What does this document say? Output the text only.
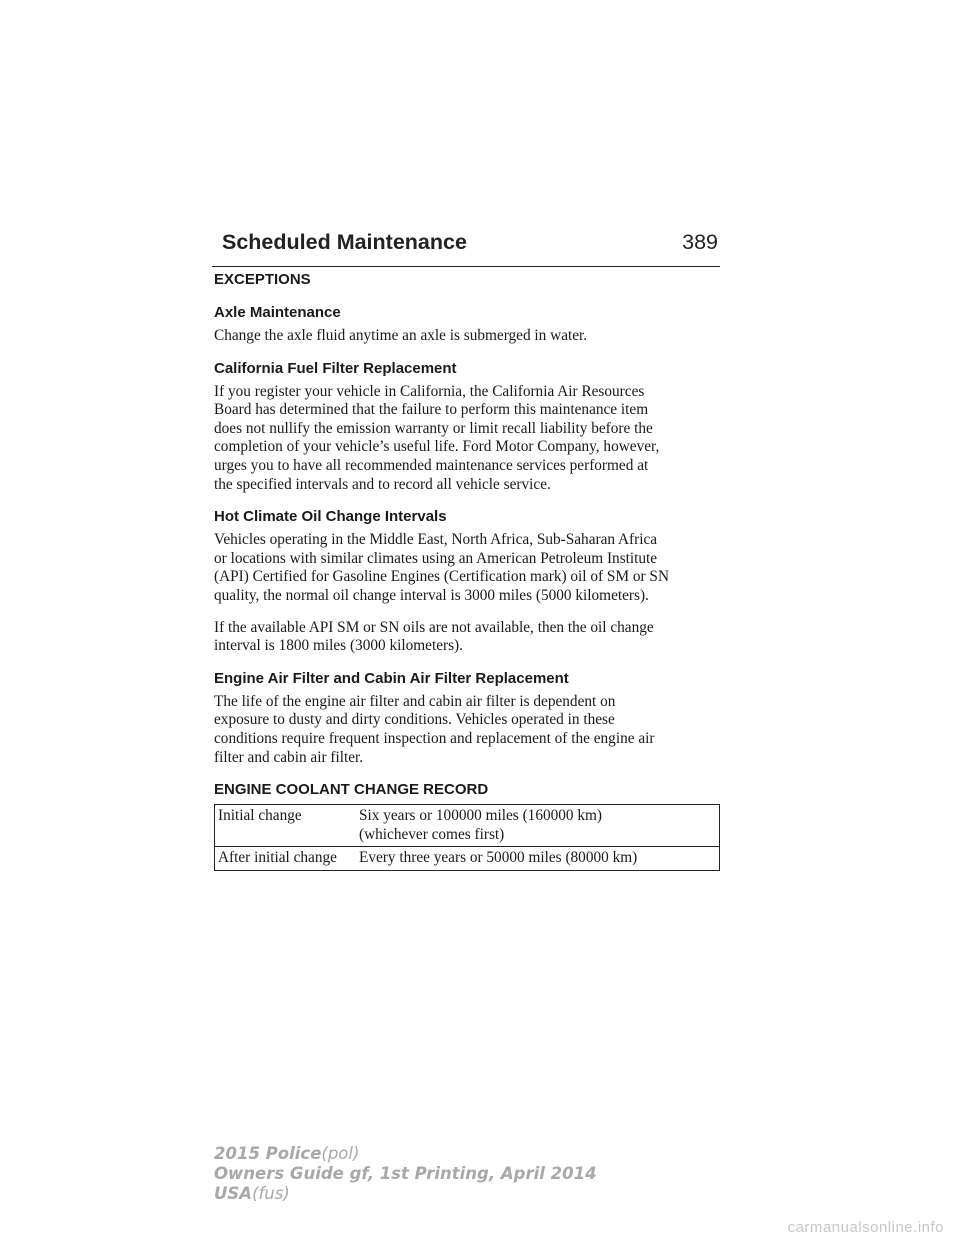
Scheduled Maintenance	389
EXCEPTIONS
Axle Maintenance

Change the axle fluid anytime an axle is submerged in water.

California Fuel Filter Replacement

If you register your vehicle in California, the California Air Resources
Board has determined that the failure to perform this maintenance item
does not nullify the emission warranty or limit recall liability before the
completion of your vehicle’s useful life. Ford Motor Company, however,
urges you to have all recommended maintenance services performed at
the specified intervals and to record all vehicle service.

Hot Climate Oil Change Intervals

Vehicles operating in the Middle East, North Africa, Sub-Saharan Africa
or locations with similar climates using an American Petroleum Institute
(API) Certified for Gasoline Engines (Certification mark) oil of SM or SN
quality, the normal oil change interval is 3000 miles (5000 kilometers).

If the available API SM or SN oils are not available, then the oil change
interval is 1800 miles (3000 kilometers).

Engine Air Filter and Cabin Air Filter Replacement

The life of the engine air filter and cabin air filter is dependent on
exposure to dusty and dirty conditions. Vehicles operated in these
conditions require frequent inspection and replacement of the engine air
filter and cabin air filter.

ENGINE COOLANT CHANGE RECORD
Initial change	Six years or 100000 miles (160000 km)
(whichever comes first)
After initial change	Every three years or 50000 miles (80000 km)
2015 Police(pol)
Owners Guide gf, 1st Printing, April 2014
USA(fus)
carmanualsonline.info
